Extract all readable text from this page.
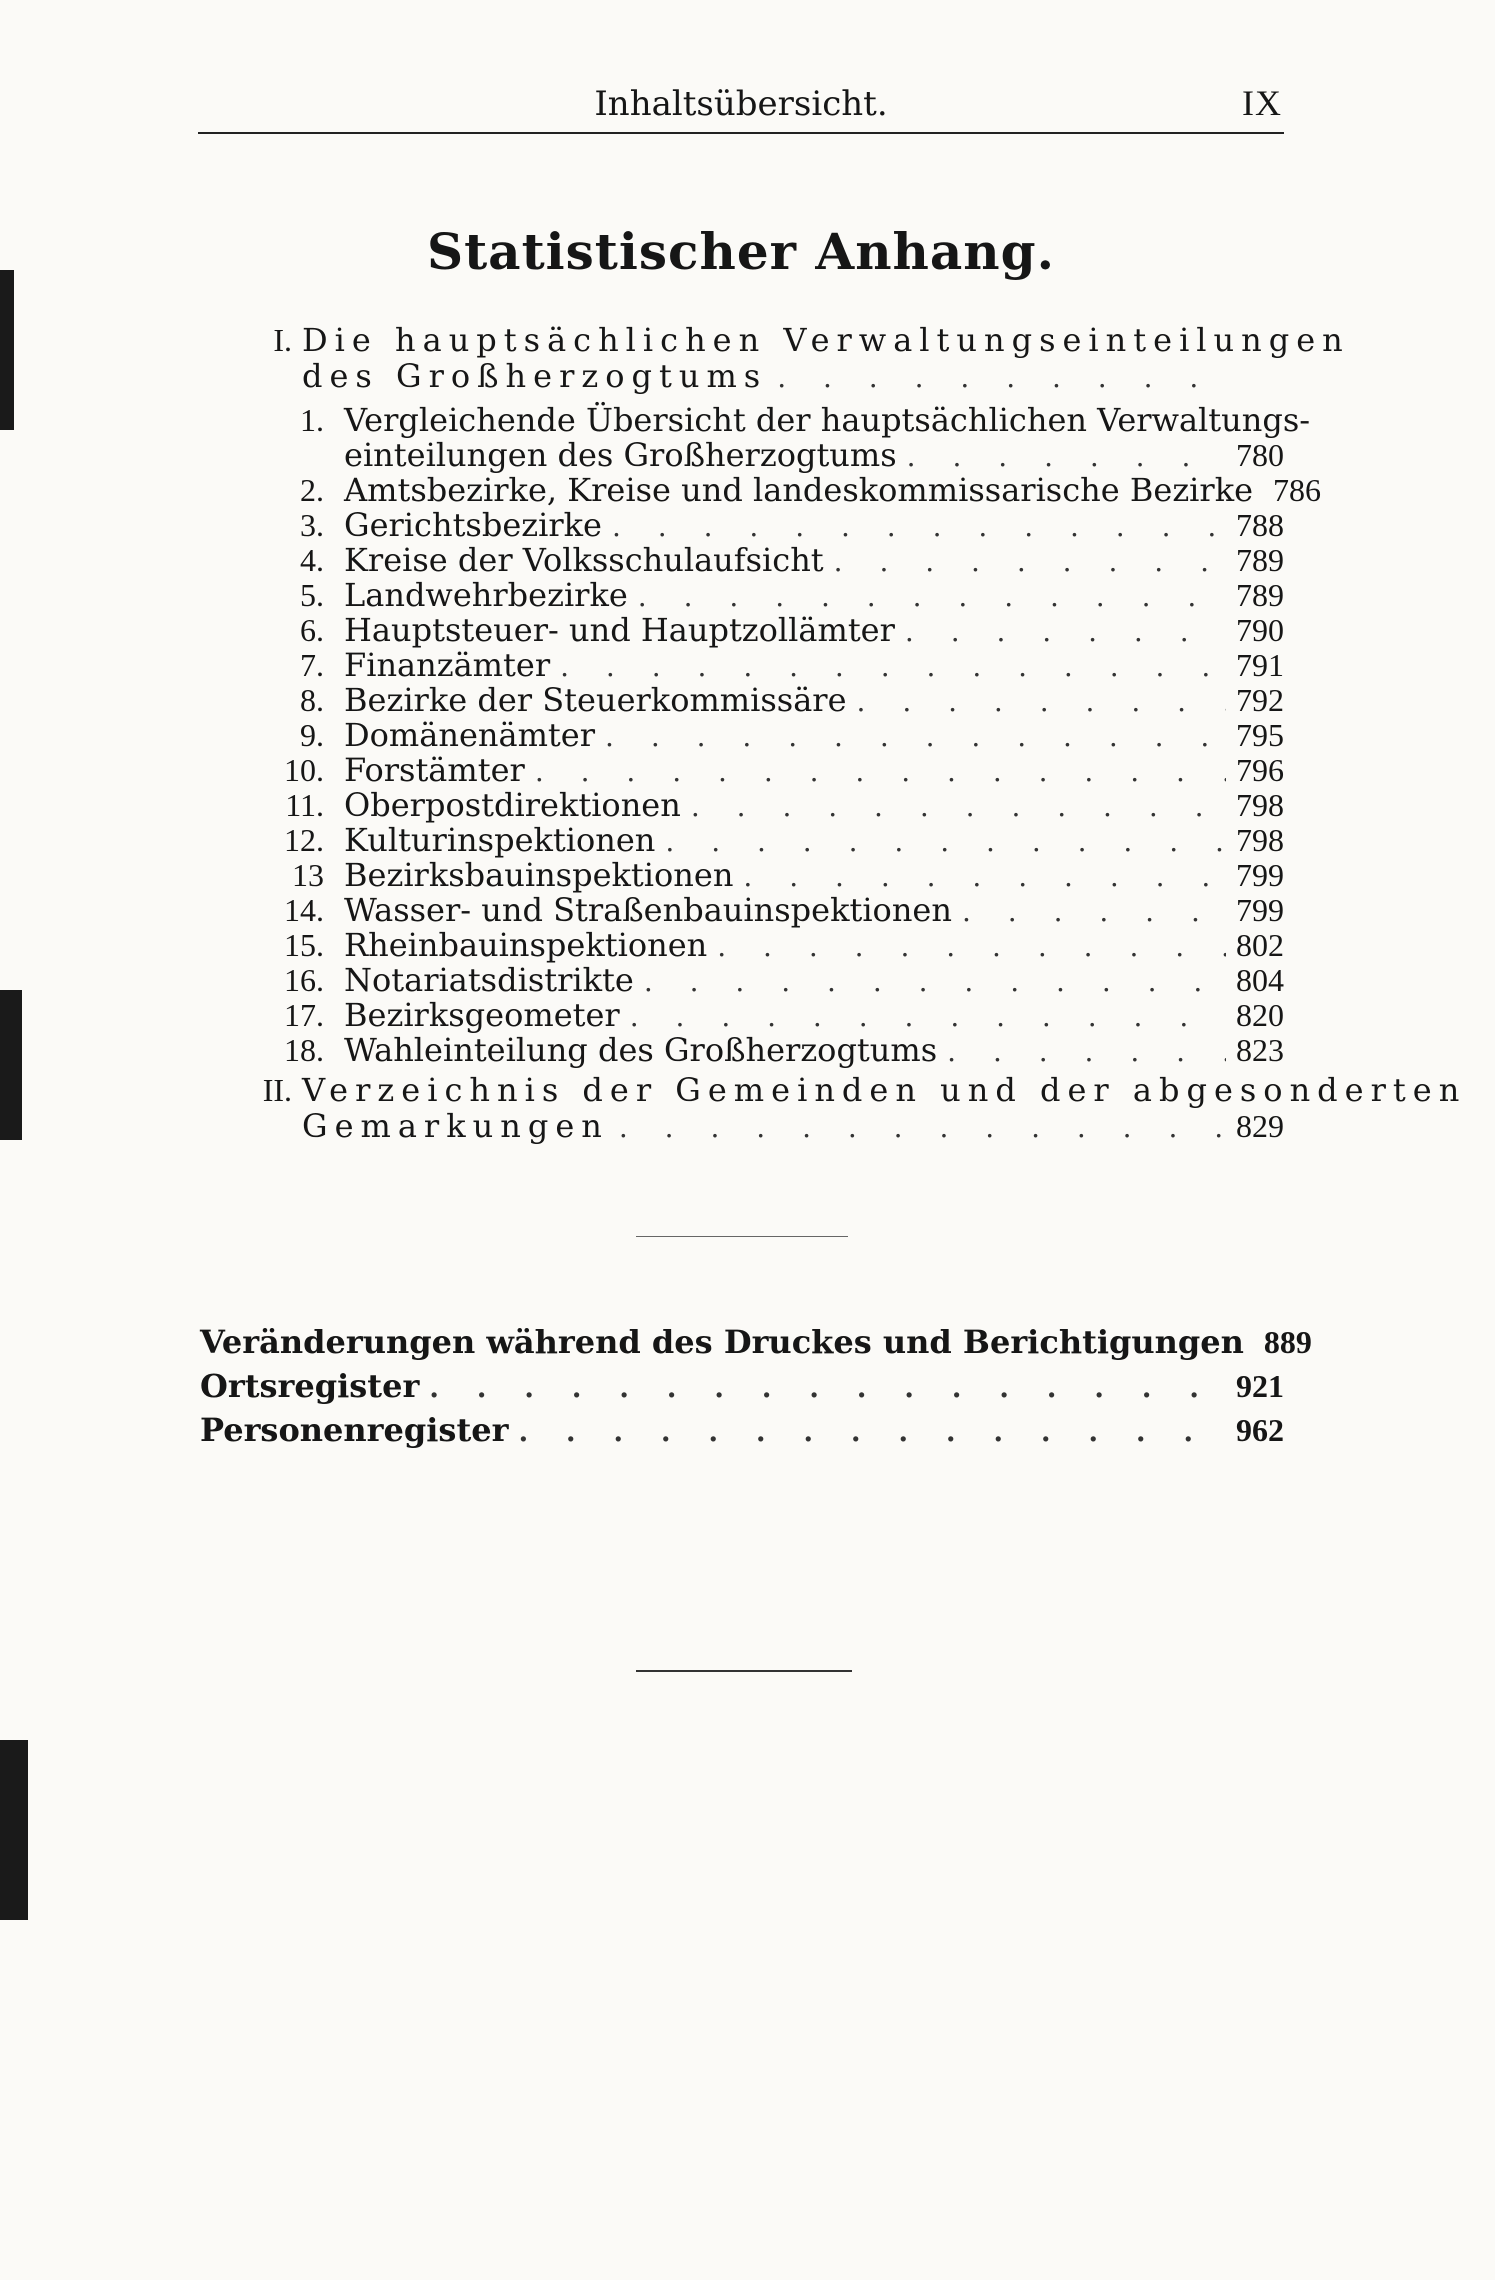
Inhaltsübersicht.	IX
Statistischer Anhang.
I. Die hauptsächlichen Verwaltungseinteilungen
des Großherzogtums
. . .
1. Vergleichende Übersicht der hauptsächlichen Verwaltungs-
einteilungen des Großherzogtums . . .	780
2. Amtsbezirke, Kreise und landeskommissarische Bezirke 786
3. Gerichtsbezirke . . .	788
4. Kreise der Volksschulaufsicht . . .	789
5. Landwehrbezirke . . .	789
6. Hauptsteuer- und Hauptzollämter . . .	790
7. Finanzämter . . .	791
8. Bezirke der Steuerkommissäre . . .	792
9. Domänenämter . . .	795
10. Forstämter . . .	796
11. Oberpostdirektionen . . .	798
12. Kulturinspektionen . . .	798
13 Bezirksbauinspektionen . . .	799
14. Wasser- und Straßenbauinspektionen . . .	799
15. Rheinbauinspektionen . . .	802
16. Notariatsdistrikte . . .	804
17. Bezirksgeometer . . .	820
18. Wahleinteilung des Großherzogtums . . .	823
II. Verzeichnis der Gemeinden und der abgesonderten
Gemarkungen . . .	829
Veränderungen während des Druckes und Berichtigungen 889
Ortsregister . . .	921
Personenregister . . .	962
